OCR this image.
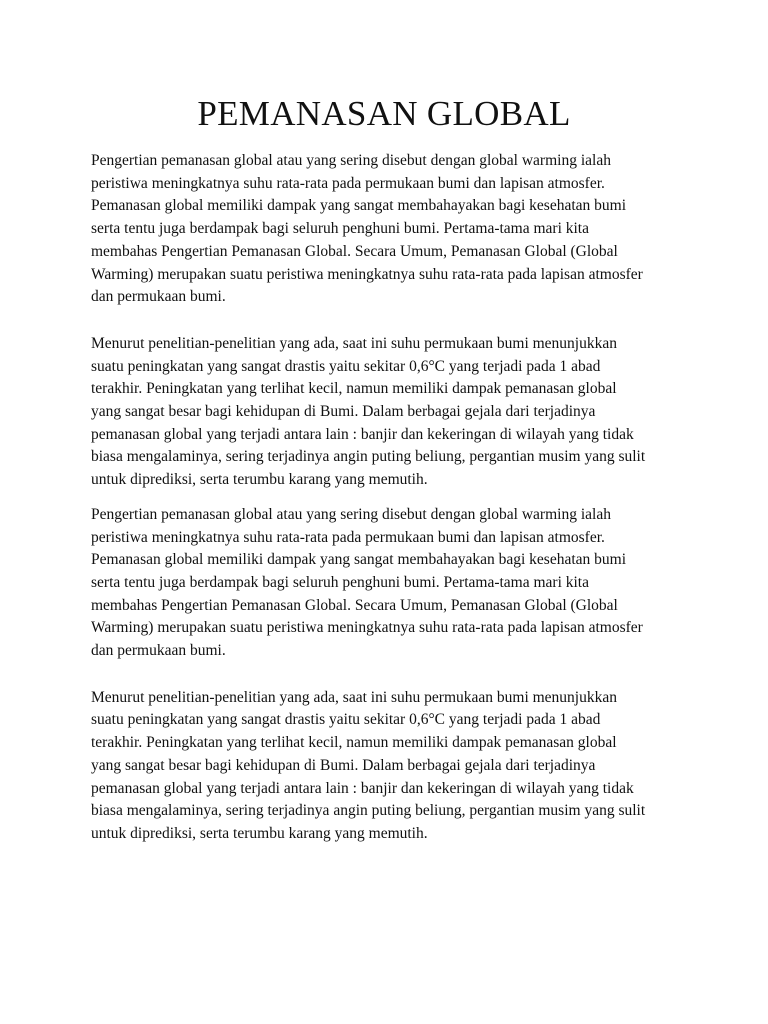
PEMANASAN GLOBAL

Pengertian pemanasan global atau yang sering disebut dengan global warming ialah
peristiwa meningkatnya suhu rata-rata pada permukaan bumi dan lapisan atmosfer.
Pemanasan global memiliki dampak yang sangat membahayakan bagi kesehatan bumi
serta tentu juga berdampak bagi seluruh penghuni bumi. Pertama-tama mari kita
membahas Pengertian Pemanasan Global. Secara Umum, Pemanasan Global (Global
Warming) merupakan suatu peristiwa meningkatnya suhu rata-rata pada lapisan atmosfer
dan permukaan bumi.

Menurut penelitian-penelitian yang ada, saat ini suhu permukaan bumi menunjukkan
suatu peningkatan yang sangat drastis yaitu sekitar 0,6°C yang terjadi pada 1 abad
terakhir. Peningkatan yang terlihat kecil, namun memiliki dampak pemanasan global
yang sangat besar bagi kehidupan di Bumi. Dalam berbagai gejala dari terjadinya
pemanasan global yang terjadi antara lain : banjir dan kekeringan di wilayah yang tidak
biasa mengalaminya, sering terjadinya angin puting beliung, pergantian musim yang sulit
untuk diprediksi, serta terumbu karang yang memutih.

Pengertian pemanasan global atau yang sering disebut dengan global warming ialah
peristiwa meningkatnya suhu rata-rata pada permukaan bumi dan lapisan atmosfer.
Pemanasan global memiliki dampak yang sangat membahayakan bagi kesehatan bumi
serta tentu juga berdampak bagi seluruh penghuni bumi. Pertama-tama mari kita
membahas Pengertian Pemanasan Global. Secara Umum, Pemanasan Global (Global
Warming) merupakan suatu peristiwa meningkatnya suhu rata-rata pada lapisan atmosfer
dan permukaan bumi.

Menurut penelitian-penelitian yang ada, saat ini suhu permukaan bumi menunjukkan
suatu peningkatan yang sangat drastis yaitu sekitar 0,6°C yang terjadi pada 1 abad
terakhir. Peningkatan yang terlihat kecil, namun memiliki dampak pemanasan global
yang sangat besar bagi kehidupan di Bumi. Dalam berbagai gejala dari terjadinya
pemanasan global yang terjadi antara lain : banjir dan kekeringan di wilayah yang tidak
biasa mengalaminya, sering terjadinya angin puting beliung, pergantian musim yang sulit
untuk diprediksi, serta terumbu karang yang memutih.
